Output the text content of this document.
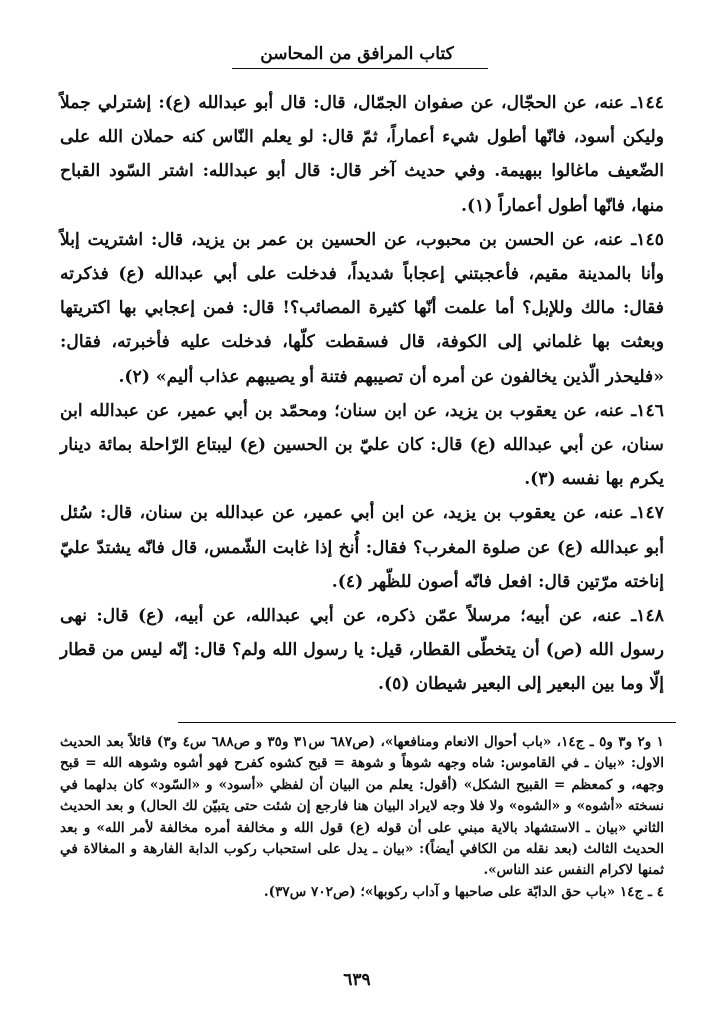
كتاب المرافق من المحاسن

١٤٤ـ عنه، عن الحجّال، عن صفوان الجمّال، قال: قال أبو عبدالله (ع): إشترلي جملاً وليكن أسود، فانّها أطول شيء أعماراً، ثمّ قال: لو يعلم النّاس كنه حملان الله على الضّعيف ماغالوا ببهيمة. وفي حديث آخر قال: قال أبو عبدالله: اشتر السّود القباح منها، فانّها أطول أعماراً (١).

١٤٥ـ عنه، عن الحسن بن محبوب، عن الحسين بن عمر بن يزيد، قال: اشتريت إبلاً وأنا بالمدينة مقيم، فأعجبتني إعجاباً شديداً، فدخلت على أبي عبدالله (ع) فذكرته فقال: مالك وللإبل؟ أما علمت أنّها كثيرة المصائب؟! قال: فمن إعجابي بها اكتريتها وبعثت بها غلماني إلى الكوفة، قال فسقطت كلّها، فدخلت عليه فأخبرته، فقال: «فليحذر الّذين يخالفون عن أمره أن تصيبهم فتنة أو يصيبهم عذاب أليم» (٢).

١٤٦ـ عنه، عن يعقوب بن يزيد، عن ابن سنان؛ ومحمّد بن أبي عمير، عن عبدالله ابن سنان، عن أبي عبدالله (ع) قال: كان عليّ بن الحسين (ع) ليبتاع الرّاحلة بمائة دينار يكرم بها نفسه (٣).

١٤٧ـ عنه، عن يعقوب بن يزيد، عن ابن أبي عمير، عن عبدالله بن سنان، قال: سُئل أبو عبدالله (ع) عن صلوة المغرب؟ فقال: أُنخ إذا غابت الشّمس، قال فانّه يشتدّ عليّ إناخته مرّتين قال: افعل فانّه أصون للظّهر (٤).

١٤٨ـ عنه، عن أبيه؛ مرسلاً عمّن ذكره، عن أبي عبدالله، عن أبيه، (ع) قال: نهى رسول الله (ص) أن يتخطّى القطار، قيل: يا رسول الله ولم؟ قال: إنّه ليس من قطار إلّا وما بين البعير إلى البعير شيطان (٥).

١ و٢ و٣ و٥ ـ ج١٤، «باب أحوال الانعام ومنافعها»، (ص٦٨٧ س٣١ و٣٥ و ص٦٨٨ س٤ و٣) قائلاً بعد الحديث الاول: «بيان ـ في القاموس: شاه وجهه شوهاً و شوهة = قبح كشوه كفرح فهو أشوه وشوهه الله = قبح وجهه، و كمعظم = القبيح الشكل» (أقول: يعلم من البيان أن لفظي «أسود» و «السّود» كان بدلهما في نسخته «أشوه» و «الشوه» ولا فلا وجه لايراد البيان هنا فارجع إن شئت حتى يتبيّن لك الحال) و بعد الحديث الثاني «بيان ـ الاستشهاد بالاية مبني على أن قوله (ع) قول الله و مخالفة أمره مخالفة لأمر الله» و بعد الحديث الثالث (بعد نقله من الكافي أيضاً): «بيان ـ يدل على استحباب ركوب الدابة الفارهة و المغالاة في ثمنها لاكرام النفس عند الناس».

٤ ـ ج١٤ «باب حق الدابّة على صاحبها و آداب ركوبها»؛ (ص٧٠٢ س٣٧).

٦٣٩
